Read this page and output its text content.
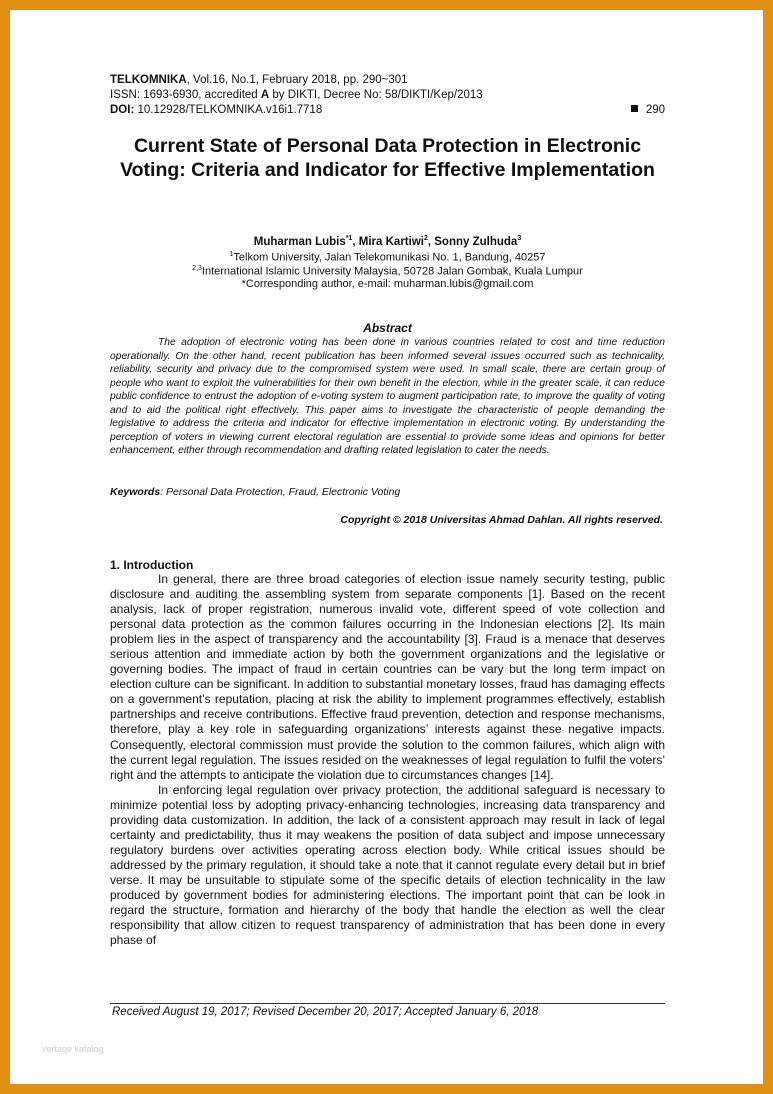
TELKOMNIKA, Vol.16, No.1, February 2018, pp. 290~301
ISSN: 1693-6930, accredited A by DIKTI, Decree No: 58/DIKTI/Kep/2013
DOI: 10.12928/TELKOMNIKA.v16i1.7718	290
Current State of Personal Data Protection in Electronic Voting: Criteria and Indicator for Effective Implementation
Muharman Lubis$^{*1}$, Mira Kartiwi$^2$, Sonny Zulhuda$^3$
$^1$Telkom University, Jalan Telekomunikasi No. 1, Bandung, 40257
$^{2,3}$International Islamic University Malaysia, 50728 Jalan Gombak, Kuala Lumpur
*Corresponding author, e-mail: muharman.lubis@gmail.com
Abstract
The adoption of electronic voting has been done in various countries related to cost and time reduction operationally. On the other hand, recent publication has been informed several issues occurred such as technicality, reliability, security and privacy due to the compromised system were used. In small scale, there are certain group of people who want to exploit the vulnerabilities for their own benefit in the election, while in the greater scale, it can reduce public confidence to entrust the adoption of e-voting system to augment participation rate, to improve the quality of voting and to aid the political right effectively. This paper aims to investigate the characteristic of people demanding the legislative to address the criteria and indicator for effective implementation in electronic voting. By understanding the perception of voters in viewing current electoral regulation are essential to provide some ideas and opinions for better enhancement, either through recommendation and drafting related legislation to cater the needs.
Keywords: Personal Data Protection, Fraud, Electronic Voting
Copyright © 2018 Universitas Ahmad Dahlan. All rights reserved.
1. Introduction

In general, there are three broad categories of election issue namely security testing, public disclosure and auditing the assembling system from separate components [1]. Based on the recent analysis, lack of proper registration, numerous invalid vote, different speed of vote collection and personal data protection as the common failures occurring in the Indonesian elections [2]. Its main problem lies in the aspect of transparency and the accountability [3]. Fraud is a menace that deserves serious attention and immediate action by both the government organizations and the legislative or governing bodies. The impact of fraud in certain countries can be vary but the long term impact on election culture can be significant. In addition to substantial monetary losses, fraud has damaging effects on a government’s reputation, placing at risk the ability to implement programmes effectively, establish partnerships and receive contributions. Effective fraud prevention, detection and response mechanisms, therefore, play a key role in safeguarding organizations’ interests against these negative impacts. Consequently, electoral commission must provide the solution to the common failures, which align with the current legal regulation. The issues resided on the weaknesses of legal regulation to fulfil the voters’ right and the attempts to anticipate the violation due to circumstances changes [14].

In enforcing legal regulation over privacy protection, the additional safeguard is necessary to minimize potential loss by adopting privacy-enhancing technologies, increasing data transparency and providing data customization. In addition, the lack of a consistent approach may result in lack of legal certainty and predictability, thus it may weakens the position of data subject and impose unnecessary regulatory burdens over activities operating across election body. While critical issues should be addressed by the primary regulation, it should take a note that it cannot regulate every detail but in brief verse. It may be unsuitable to stipulate some of the specific details of election technicality in the law produced by government bodies for administering elections. The important point that can be look in regard the structure, formation and hierarchy of the body that handle the election as well the clear responsibility that allow citizen to request transparency of administration that has been done in every phase of

Received August 19, 2017; Revised December 20, 2017; Accepted January 6, 2018
vertage katalog
